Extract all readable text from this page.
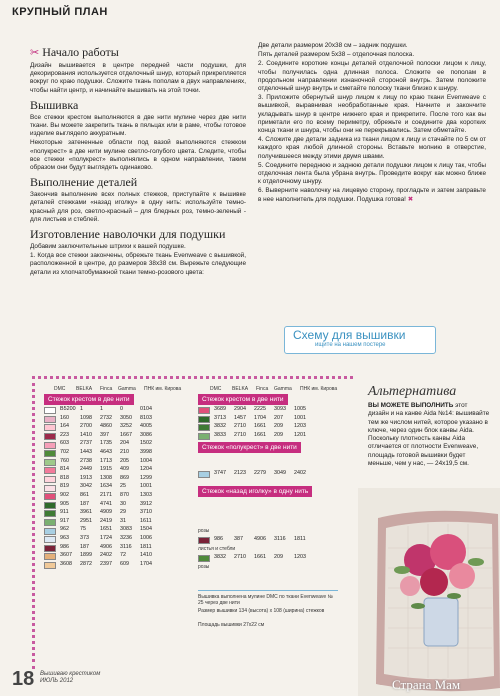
КРУПНЫЙ ПЛАН
✂ Начало работы

Дизайн вышивается в центре передней части подушки, для декорирования используется отделочный шнур, который прикрепляется вокруг по краю подушки. Сложите ткань пополам в двух направлениях, чтобы найти центр, и начинайте вышивать на этой точки.

Вышивка

Все стежки крестом выполняются в две нити мулине через две нити ткани. Вы можете закрепить ткань в пяльцах или в раме, чтобы готовое изделие выглядело аккуратным.

Некоторые затененные области под вазой выполняются стежком «полукрест» в две нити мулине светло-голубого цвета. Следите, чтобы все стежки «полукрест» выполнялись в одном направлении, таким образом они будут выглядеть одинаково.

Выполнение деталей

Закончив выполнение всех полных стежков, приступайте к вышивке деталей стежками «назад иголку» в одну нить: используйте темно-красный для роз, светло-красный – для бледных роз, темно-зеленый - для листьев и стеблей.

Изготовление наволочки для подушки

Добавим заключительные штрихи к вашей подушке.

1. Когда все стежки закончены, обрежьте ткань Evenweave с вышивкой, расположенной в центре, до размеров 38x38 см. Вырежьте следующие детали из хлопчатобумажной ткани темно-розового цвета:

Две детали размером 20x38 см – задник подушки.

Пять деталей размером 5x38 – отделочная полоска.

2. Соедините короткие концы деталей отделочной полоски лицом к лицу, чтобы получилась одна длинная полоса. Сложите ее пополам в продольном направлении изнаночной стороной внутрь. Затем положите отделочный шнур внутрь и сметайте полоску ткани близко к шнуру.

3. Приложите обернутый шнур лицом к лицу по краю ткани Evenweave с вышивкой, выравнивая необработанные края. Начните и закончите укладывать шнур в центре нижнего края и прикрепите. После того как вы приметали его по всему периметру, обрежьте и соедините два коротких конца ткани и шнура, чтобы они не перекрывались. Затем обметайте.

4. Сложите две детали задника из ткани лицом к лицу и стачайте по 5 см от каждого края любой длинной стороны. Вставьте молнию в отверстие, получившееся между этими двумя швами.

5. Соедините переднюю и заднюю детали подушки лицом к лицу так, чтобы отделочная лента была убрана внутрь. Проведите вокруг как можно ближе к отделочному шнуру.

6. Выверните наволочку на лицевую сторону, прогладьте и затем заправьте в нее наполнитель для подушки. Подушка готова! ✖

Схему для вышивки
ищите на нашем постере
DMC BELKA Finca Gamma ПНК им. Кирова
Стежок крестом в две нити
B5200 1	1	0	0104
160	1098	2732	3050	8103
164	2700	4860	3252	4005
223	1410	397	1667	3086
603	2737	1735	204	1502
702	1443	4643	210	3998
760	2738	1713	205	1004
814	2449	1915	409	1204
818	1913	1308	869	1299
819	3042	1634	25	1001
902	861	2171	870	1303
905	187	4741	30	3912
911	3961	4909	29	3710
917	2951	2419	31	1611
962	75	1651	3083	1504
963	373	1724	3236	1006
986	187	4906	3116	1811
3607	1899	2402	72	1410
3608	2872	2397	609	1704
DMC BELKA Finca Gamma ПНК им. Кирова
Стежок крестом в две нити
3689	2904	2225	3093	1005
3713	1457	1704	207	1001
3832	2710	1661	209	1203
3833	2710	1661	209	1201
Стежок «полукрест» в две нити
3747	2123	2279	3049	2402
Стежок «назад иголку» в одну нить
розы
986	387	4906	3116	1811
листья и стебли
3832	2710	1661	209	1203
розы
Вышивка выполнена мулине DMC по ткани Evenweave № 25 через две нити
Размер вышивки 134 (высота) x 108 (ширина) стежков
Площадь вышивки 27x22 см
Альтернатива
ВЫ МОЖЕТЕ ВЫПОЛНИТЬ этот дизайн и на канве Aida №14: вышивайте тем же числом нитей, которое указано в ключе, через один блок канвы Aida. Поскольку плотность канвы Aida отличается от плотности Evenweave, площадь готовой вышивки будет меньше, чем у нас, — 24x19,5 см.
18 Вышиваю крестиком
ИЮЛЬ 2012	Страна Мам
